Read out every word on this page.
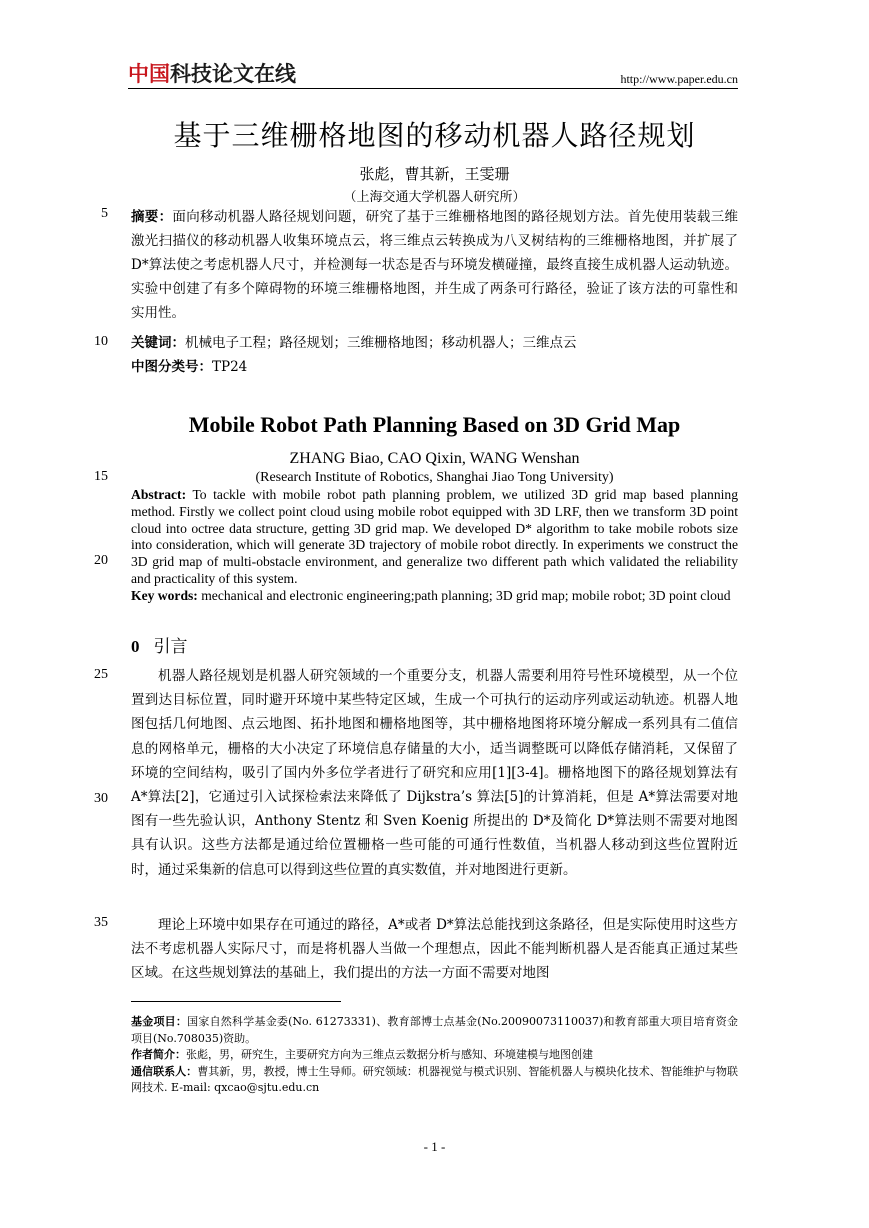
中国科技论文在线	http://www.paper.edu.cn
基于三维栅格地图的移动机器人路径规划
张彪，曹其新，王雯珊
（上海交通大学机器人研究所）
5
10
15
20
25
30
35
摘要：面向移动机器人路径规划问题，研究了基于三维栅格地图的路径规划方法。首先使用装载三维激光扫描仪的移动机器人收集环境点云，将三维点云转换成为八叉树结构的三维栅格地图，并扩展了 D*算法使之考虑机器人尺寸，并检测每一状态是否与环境发横碰撞，最终直接生成机器人运动轨迹。实验中创建了有多个障碍物的环境三维栅格地图，并生成了两条可行路径，验证了该方法的可靠性和实用性。
关键词：机械电子工程；路径规划；三维栅格地图；移动机器人；三维点云
中图分类号：TP24
Mobile Robot Path Planning Based on 3D Grid Map
ZHANG Biao, CAO Qixin, WANG Wenshan
(Research Institute of Robotics, Shanghai Jiao Tong University)
Abstract: To tackle with mobile robot path planning problem, we utilized 3D grid map based planning method. Firstly we collect point cloud using mobile robot equipped with 3D LRF, then we transform 3D point cloud into octree data structure, getting 3D grid map. We developed D* algorithm to take mobile robots size into consideration, which will generate 3D trajectory of mobile robot directly. In experiments we construct the 3D grid map of multi-obstacle environment, and generalize two different path which validated the reliability and practicality of this system.
Key words: mechanical and electronic engineering;path planning; 3D grid map; mobile robot; 3D point cloud
0 引言
机器人路径规划是机器人研究领域的一个重要分支，机器人需要利用符号性环境模型，从一个位置到达目标位置，同时避开环境中某些特定区域，生成一个可执行的运动序列或运动轨迹。机器人地图包括几何地图、点云地图、拓扑地图和栅格地图等，其中栅格地图将环境分解成一系列具有二值信息的网格单元，栅格的大小决定了环境信息存储量的大小，适当调整既可以降低存储消耗，又保留了环境的空间结构，吸引了国内外多位学者进行了研究和应用[1][3-4]。栅格地图下的路径规划算法有 A*算法[2]，它通过引入试探检索法来降低了 Dijkstra’s 算法[5]的计算消耗，但是 A*算法需要对地图有一些先验认识，Anthony Stentz 和 Sven Koenig 所提出的 D*及简化 D*算法则不需要对地图具有认识。这些方法都是通过给位置栅格一些可能的可通行性数值，当机器人移动到这些位置附近时，通过采集新的信息可以得到这些位置的真实数值，并对地图进行更新。
理论上环境中如果存在可通过的路径，A*或者 D*算法总能找到这条路径，但是实际使用时这些方法不考虑机器人实际尺寸，而是将机器人当做一个理想点，因此不能判断机器人是否能真正通过某些区域。在这些规划算法的基础上，我们提出的方法一方面不需要对地图
基金项目：国家自然科学基金委(No. 61273331)、教育部博士点基金(No.20090073110037)和教育部重大项目培育资金项目(No.708035)资助。
作者简介：张彪，男，研究生，主要研究方向为三维点云数据分析与感知、环境建模与地图创建
通信联系人：曹其新，男，教授，博士生导师。研究领域：机器视觉与模式识别、智能机器人与模块化技术、智能维护与物联网技术. E-mail: qxcao@sjtu.edu.cn
- 1 -
